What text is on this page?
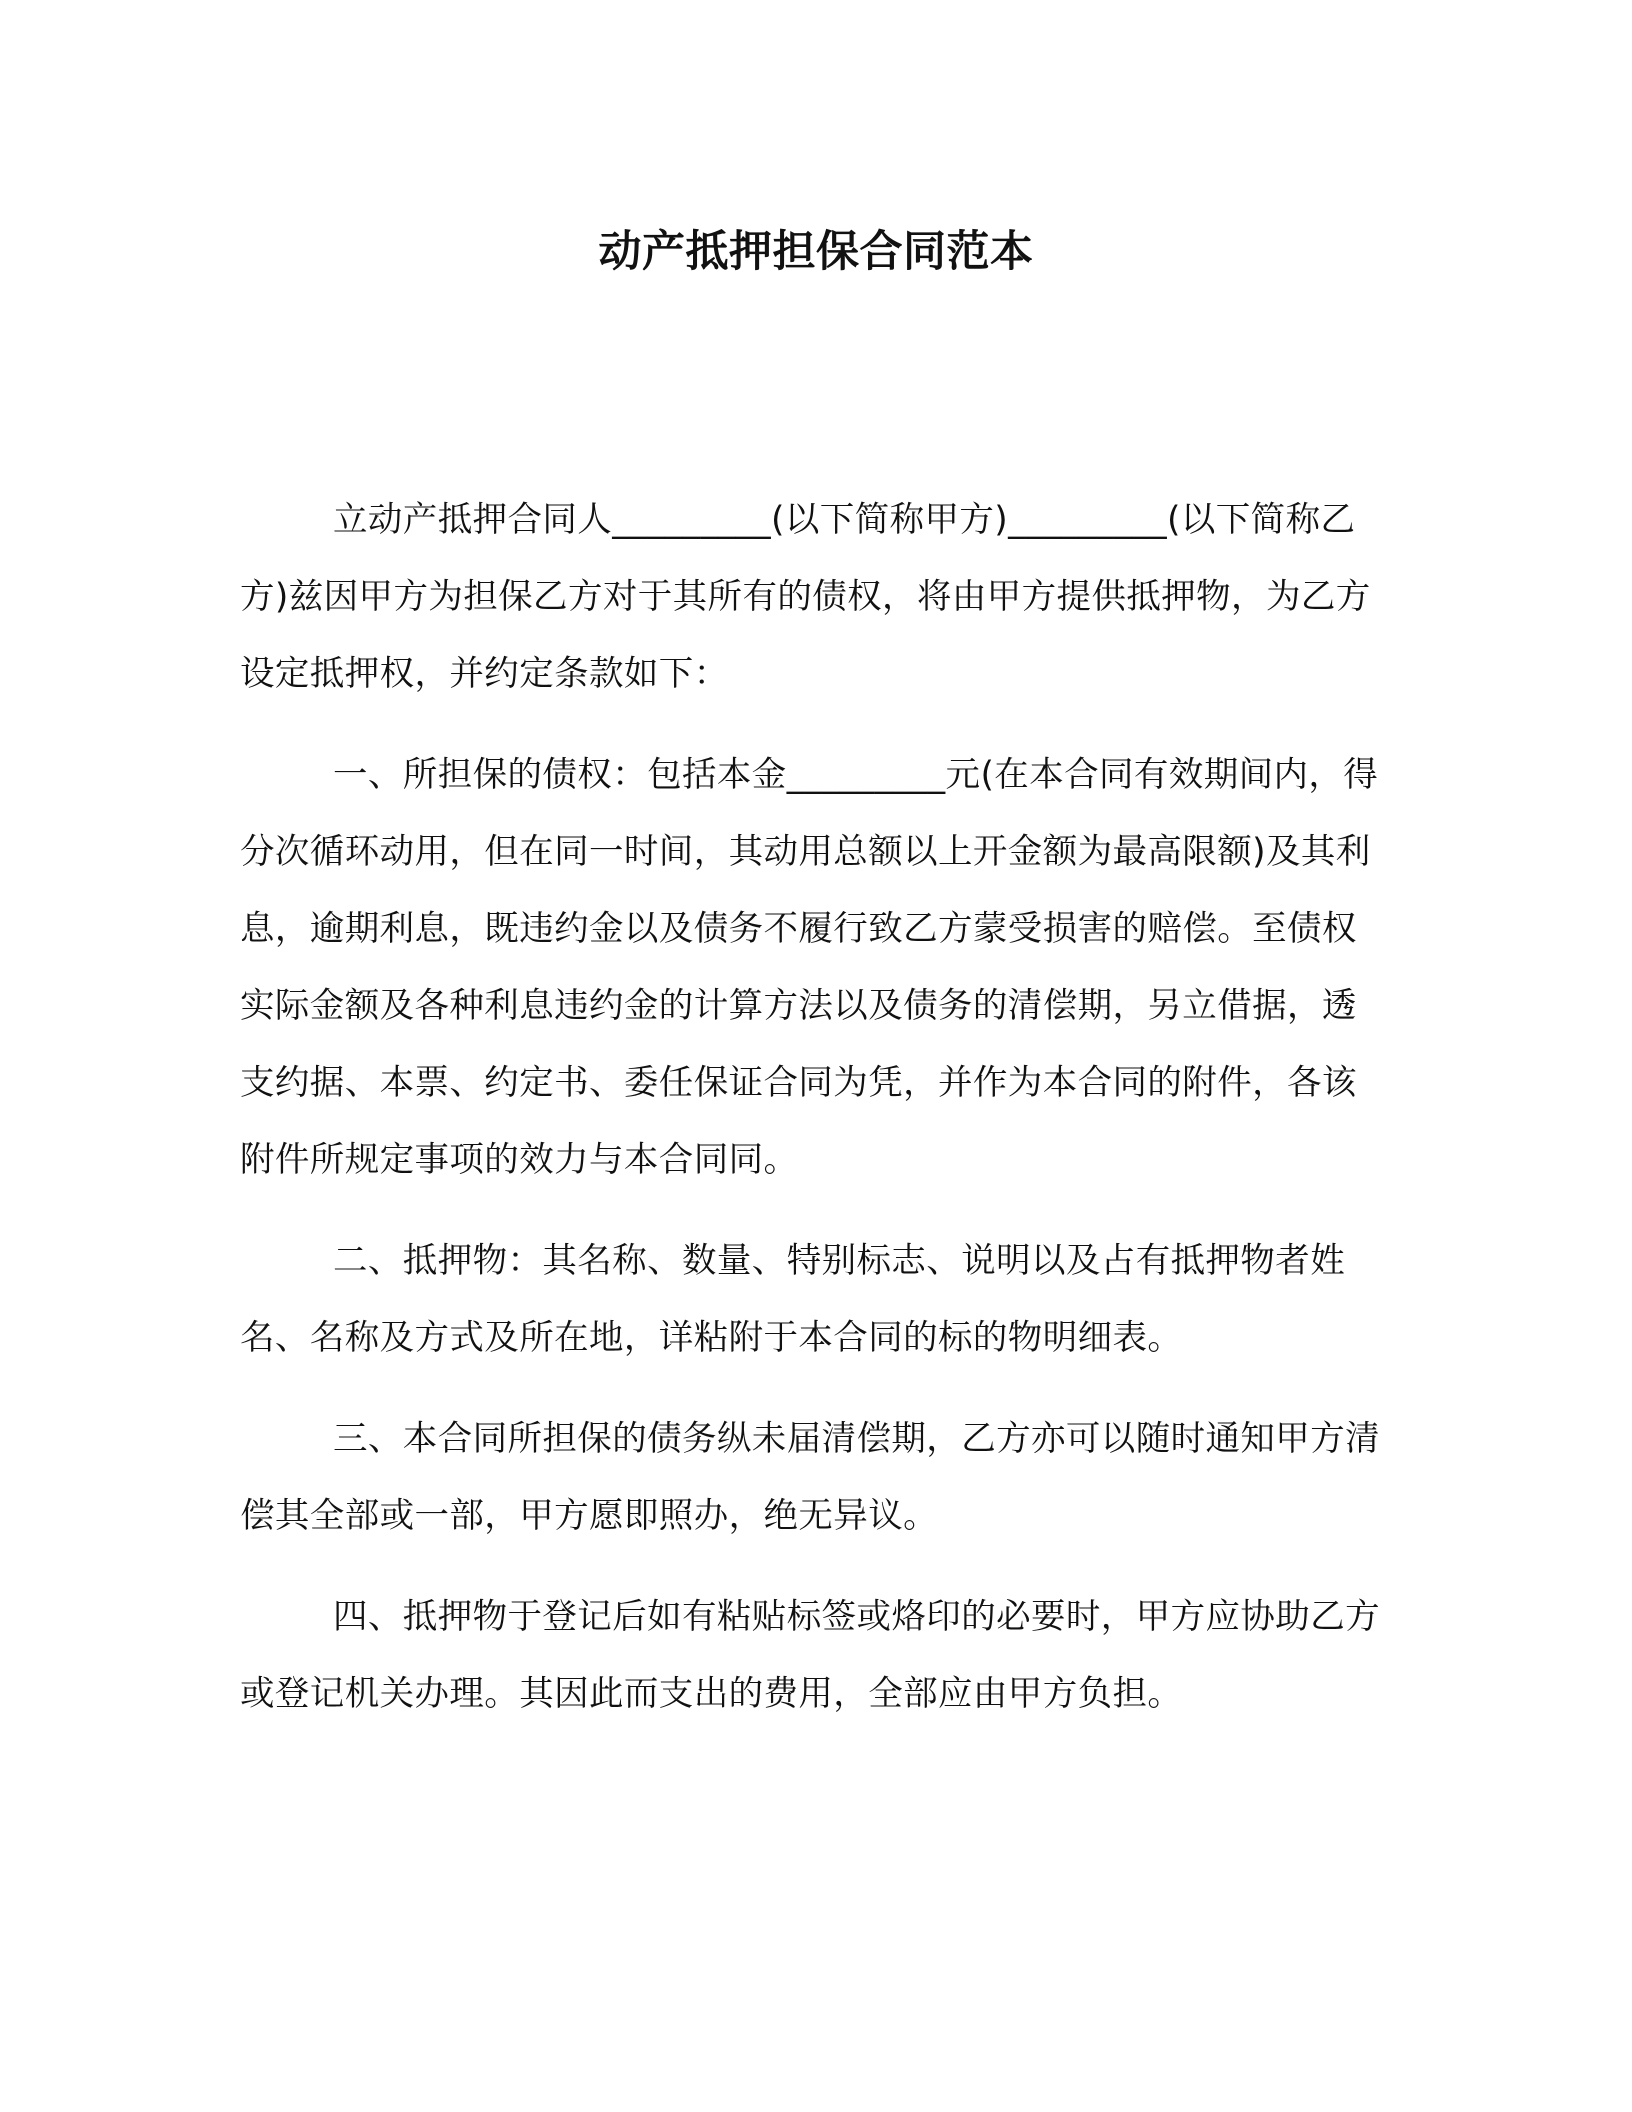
动产抵押担保合同范本

立动产抵押合同人_________(以下简称甲方)_________(以下简称乙方)兹因甲方为担保乙方对于其所有的债权，将由甲方提供抵押物，为乙方设定抵押权，并约定条款如下：

一、所担保的债权：包括本金_________元(在本合同有效期间内，得分次循环动用，但在同一时间，其动用总额以上开金额为最高限额)及其利息，逾期利息，既违约金以及债务不履行致乙方蒙受损害的赔偿。至债权实际金额及各种利息违约金的计算方法以及债务的清偿期，另立借据，透支约据、本票、约定书、委任保证合同为凭，并作为本合同的附件，各该附件所规定事项的效力与本合同同。

二、抵押物：其名称、数量、特别标志、说明以及占有抵押物者姓名、名称及方式及所在地，详粘附于本合同的标的物明细表。

三、本合同所担保的债务纵未届清偿期，乙方亦可以随时通知甲方清偿其全部或一部，甲方愿即照办，绝无异议。

四、抵押物于登记后如有粘贴标签或烙印的必要时，甲方应协助乙方或登记机关办理。其因此而支出的费用，全部应由甲方负担。
